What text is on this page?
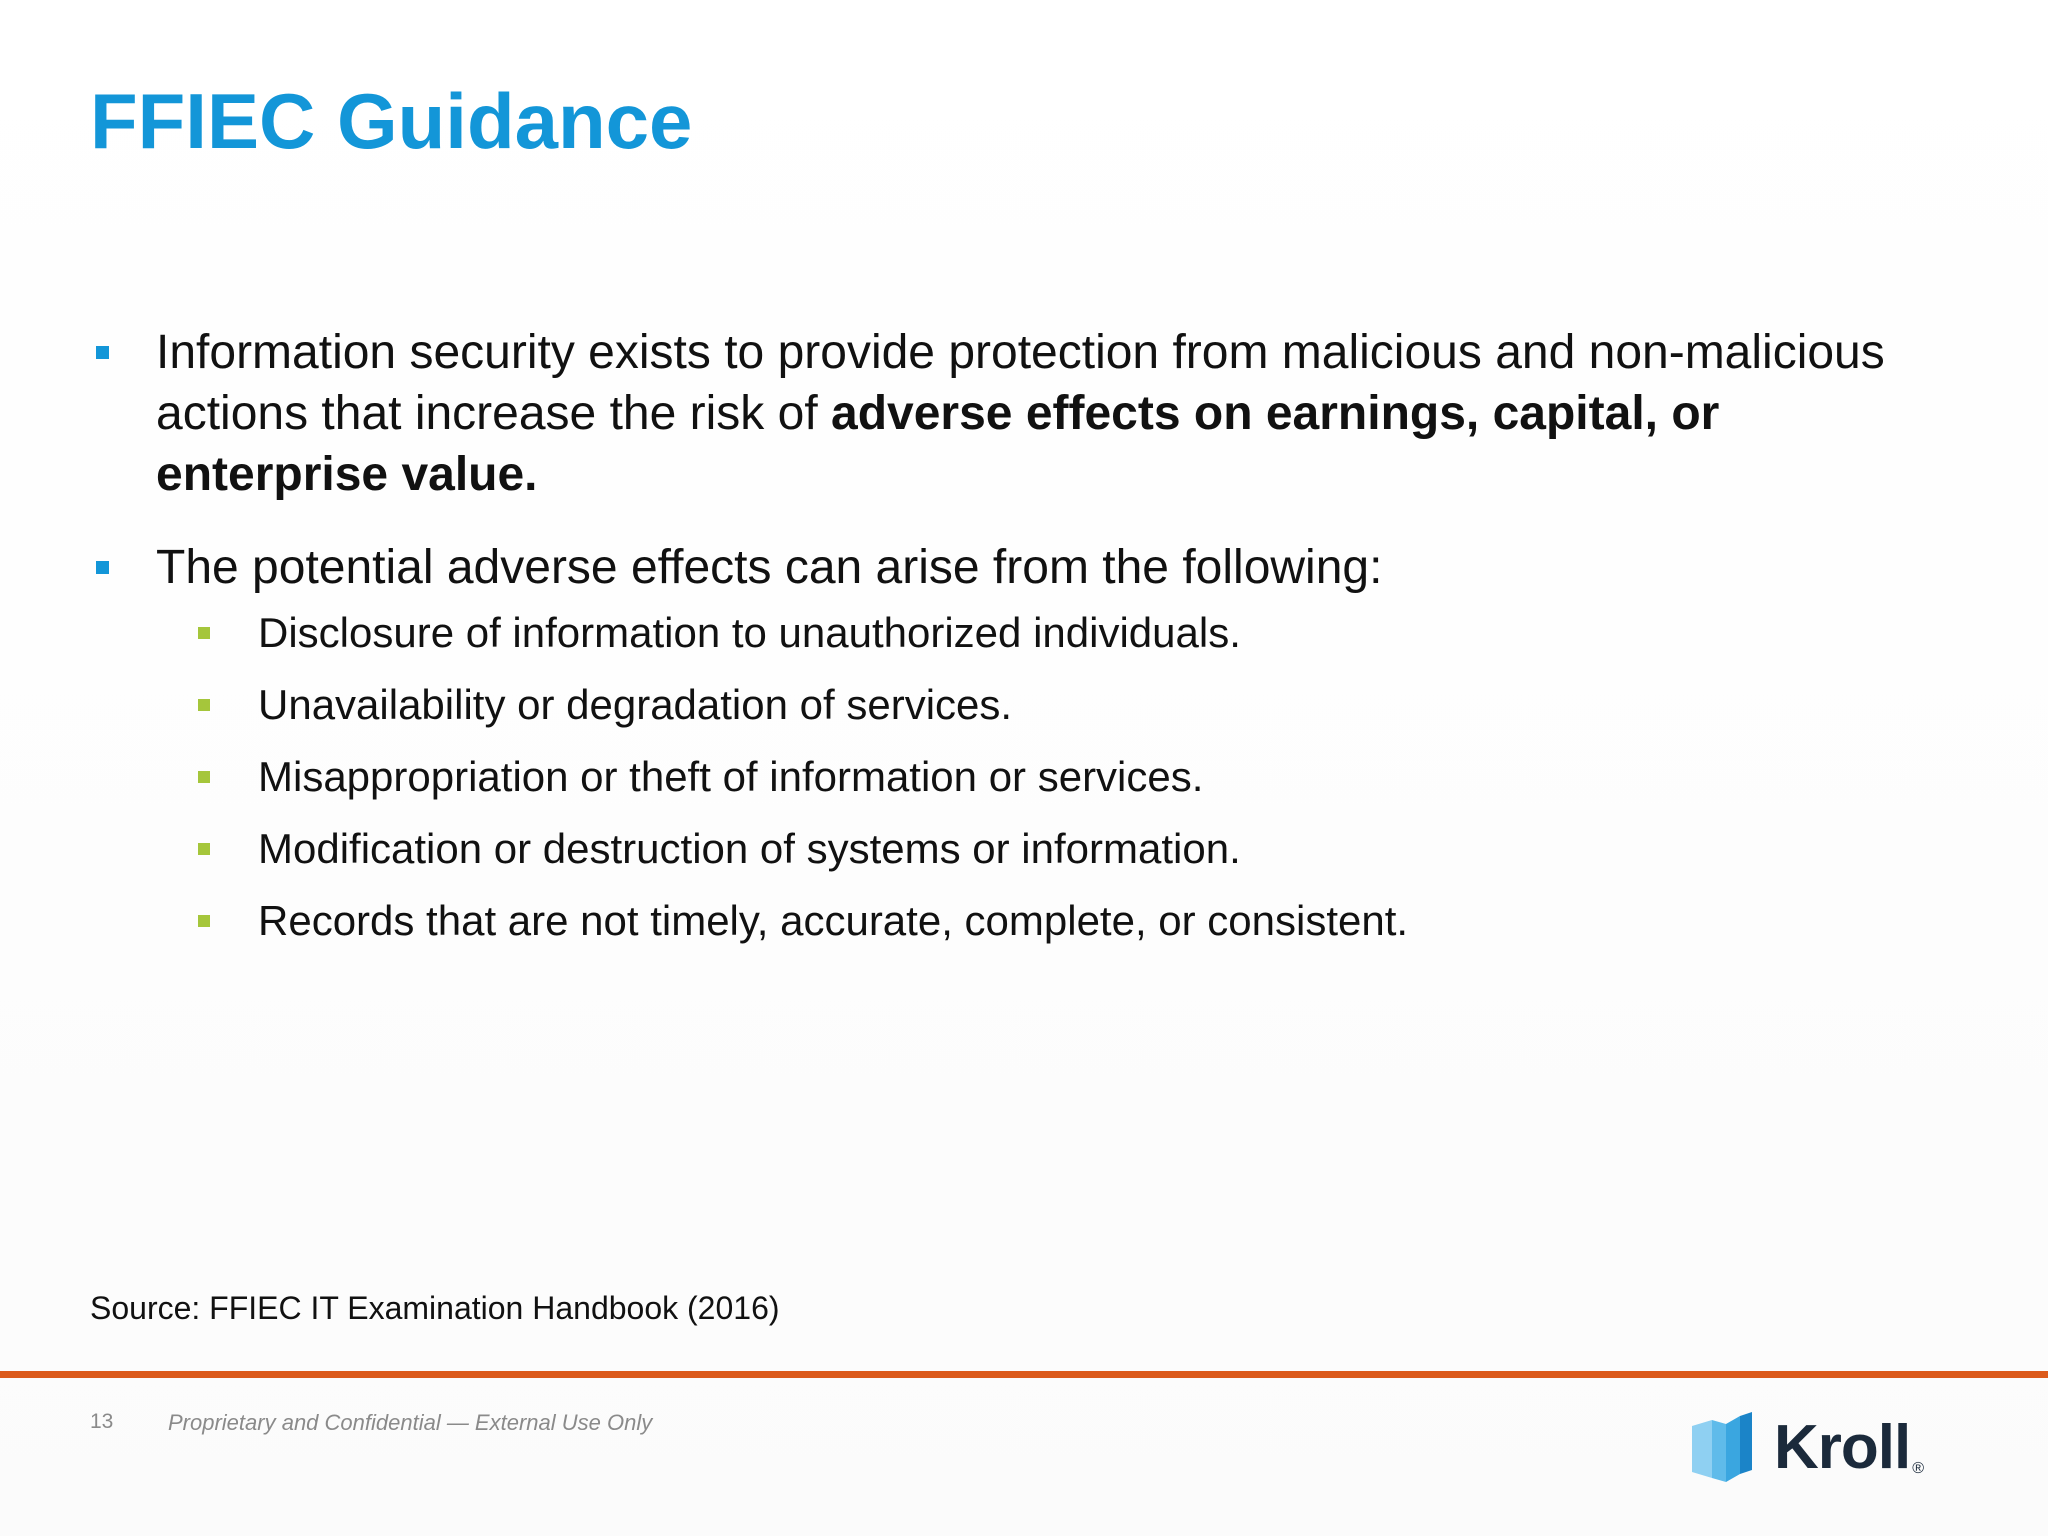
FFIEC Guidance
Information security exists to provide protection from malicious and non-malicious actions that increase the risk of adverse effects on earnings, capital, or enterprise value.
The potential adverse effects can arise from the following:
Disclosure of information to unauthorized individuals.
Unavailability or degradation of services.
Misappropriation or theft of information or services.
Modification or destruction of systems or information.
Records that are not timely, accurate, complete, or consistent.
Source: FFIEC IT Examination Handbook (2016)
13 Proprietary and Confidential — External Use Only	Kroll ®
